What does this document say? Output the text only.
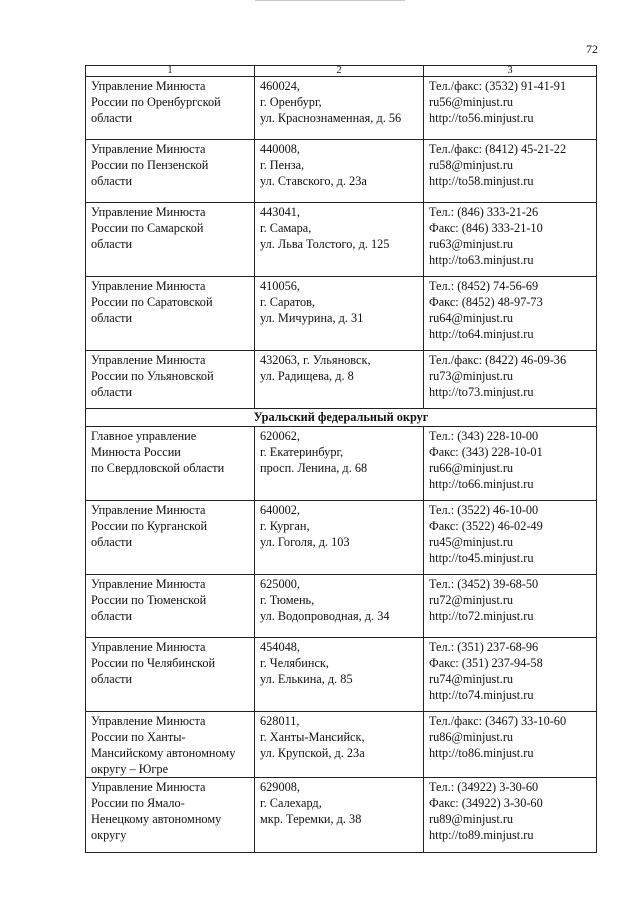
72
1	2	3

Управление Минюста
России по Оренбургской
области	460024,
г. Оренбург,
ул. Краснознаменная, д. 56	Тел./факс: (3532) 91-41-91
ru56@minjust.ru
http://to56.minjust.ru

Управление Минюста
России по Пензенской
области	440008,
г. Пенза,
ул. Ставского, д. 23а	Тел./факс: (8412) 45-21-22
ru58@minjust.ru
http://to58.minjust.ru

Управление Минюста
России по Самарской
области	443041,
г. Самара,
ул. Льва Толстого, д. 125	Тел.: (846) 333-21-26
Факс: (846) 333-21-10
ru63@minjust.ru
http://to63.minjust.ru

Управление Минюста
России по Саратовской
области	410056,
г. Саратов,
ул. Мичурина, д. 31	Тел.: (8452) 74-56-69
Факс: (8452) 48-97-73
ru64@minjust.ru
http://to64.minjust.ru

Управление Минюста
России по Ульяновской
области	432063, г. Ульяновск,
ул. Радищева, д. 8	Тел./факс: (8422) 46-09-36
ru73@minjust.ru
http://to73.minjust.ru

Уральский федеральный округ		

Главное управление
Минюста России
по Свердловской области	620062,
г. Екатеринбург,
просп. Ленина, д. 68	Тел.: (343) 228-10-00
Факс: (343) 228-10-01
ru66@minjust.ru
http://to66.minjust.ru

Управление Минюста
России по Курганской
области	640002,
г. Курган,
ул. Гоголя, д. 103	Тел.: (3522) 46-10-00
Факс: (3522) 46-02-49
ru45@minjust.ru
http://to45.minjust.ru

Управление Минюста
России по Тюменской
области	625000,
г. Тюмень,
ул. Водопроводная, д. 34	Тел.: (3452) 39-68-50
ru72@minjust.ru
http://to72.minjust.ru

Управление Минюста
России по Челябинской
области	454048,
г. Челябинск,
ул. Елькина, д. 85	Тел.: (351) 237-68-96
Факс: (351) 237-94-58
ru74@minjust.ru
http://to74.minjust.ru

Управление Минюста
России по Ханты-
Мансийскому автономному
округу – Югре	628011,
г. Ханты-Мансийск,
ул. Крупской, д. 23а	Тел./факс: (3467) 33-10-60
ru86@minjust.ru
http://to86.minjust.ru

Управление Минюста
России по Ямало-
Ненецкому автономному
округу	629008,
г. Салехард,
мкр. Теремки, д. 38	Тел.: (34922) 3-30-60
Факс: (34922) 3-30-60
ru89@minjust.ru
http://to89.minjust.ru
